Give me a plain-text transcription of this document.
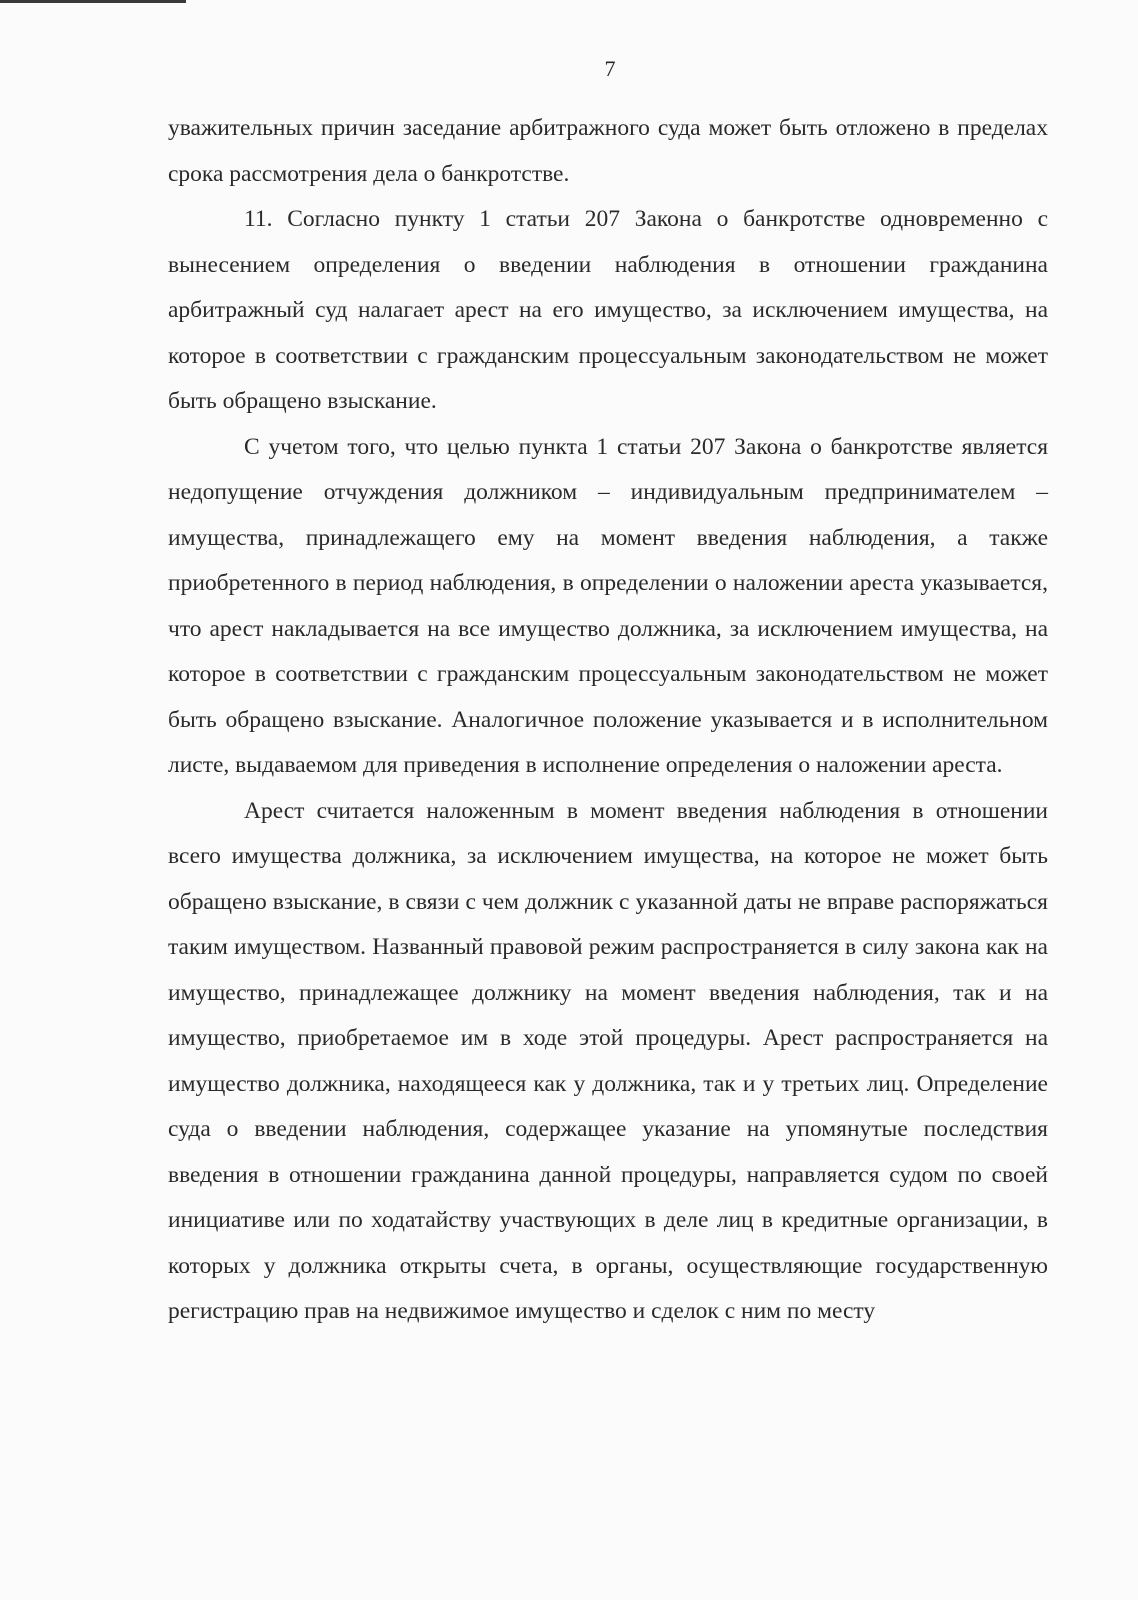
7

уважительных причин заседание арбитражного суда может быть отложено в пределах срока рассмотрения дела о банкротстве.

11. Согласно пункту 1 статьи 207 Закона о банкротстве одновременно с вынесением определения о введении наблюдения в отношении гражданина арбитражный суд налагает арест на его имущество, за исключением имущества, на которое в соответствии с гражданским процессуальным законодательством не может быть обращено взыскание.

С учетом того, что целью пункта 1 статьи 207 Закона о банкротстве является недопущение отчуждения должником – индивидуальным предпринимателем – имущества, принадлежащего ему на момент введения наблюдения, а также приобретенного в период наблюдения, в определении о наложении ареста указывается, что арест накладывается на все имущество должника, за исключением имущества, на которое в соответствии с гражданским процессуальным законодательством не может быть обращено взыскание. Аналогичное положение указывается и в исполнительном листе, выдаваемом для приведения в исполнение определения о наложении ареста.

Арест считается наложенным в момент введения наблюдения в отношении всего имущества должника, за исключением имущества, на которое не может быть обращено взыскание, в связи с чем должник с указанной даты не вправе распоряжаться таким имуществом. Названный правовой режим распространяется в силу закона как на имущество, принадлежащее должнику на момент введения наблюдения, так и на имущество, приобретаемое им в ходе этой процедуры. Арест распространяется на имущество должника, находящееся как у должника, так и у третьих лиц. Определение суда о введении наблюдения, содержащее указание на упомянутые последствия введения в отношении гражданина данной процедуры, направляется судом по своей инициативе или по ходатайству участвующих в деле лиц в кредитные организации, в которых у должника открыты счета, в органы, осуществляющие государственную регистрацию прав на недвижимое имущество и сделок с ним по месту
